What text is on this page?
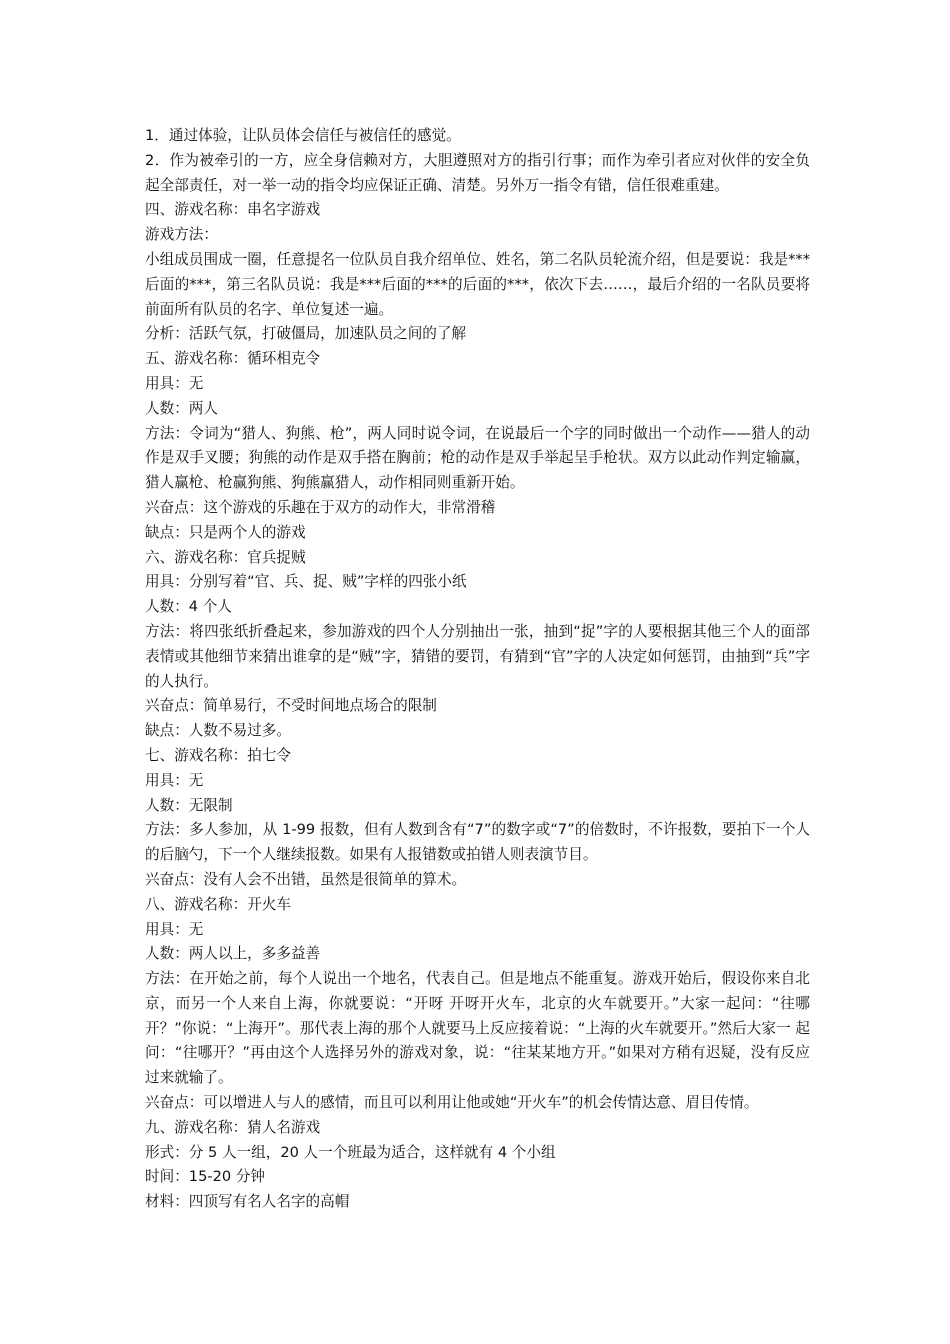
1．通过体验，让队员体会信任与被信任的感觉。

2．作为被牵引的一方，应全身信赖对方，大胆遵照对方的指引行事；而作为牵引者应对伙伴的安全负起全部责任，对一举一动的指令均应保证正确、清楚。另外万一指令有错，信任很难重建。

四、游戏名称：串名字游戏

游戏方法：

小组成员围成一圈，任意提名一位队员自我介绍单位、姓名，第二名队员轮流介绍，但是要说：我是***后面的***，第三名队员说：我是***后面的***的后面的***，依次下去……，最后介绍的一名队员要将前面所有队员的名字、单位复述一遍。

分析：活跃气氛，打破僵局，加速队员之间的了解

五、游戏名称：循环相克令

用具：无

人数：两人

方法：令词为“猎人、狗熊、枪”，两人同时说令词，在说最后一个字的同时做出一个动作——猎人的动作是双手叉腰；狗熊的动作是双手搭在胸前；枪的动作是双手举起呈手枪状。双方以此动作判定输赢，猎人赢枪、枪赢狗熊、狗熊赢猎人，动作相同则重新开始。

兴奋点：这个游戏的乐趣在于双方的动作大，非常滑稽

缺点：只是两个人的游戏

六、游戏名称：官兵捉贼

用具：分别写着“官、兵、捉、贼”字样的四张小纸

人数：4 个人

方法：将四张纸折叠起来，参加游戏的四个人分别抽出一张，抽到“捉”字的人要根据其他三个人的面部表情或其他细节来猜出谁拿的是“贼”字，猜错的要罚，有猜到“官”字的人决定如何惩罚，由抽到“兵”字的人执行。

兴奋点：简单易行，不受时间地点场合的限制

缺点：人数不易过多。

七、游戏名称：拍七令

用具：无

人数：无限制

方法：多人参加，从 1-99 报数，但有人数到含有“7”的数字或“7”的倍数时，不许报数，要拍下一个人的后脑勺，下一个人继续报数。如果有人报错数或拍错人则表演节目。

兴奋点：没有人会不出错，虽然是很简单的算术。

八、游戏名称：开火车

用具：无

人数：两人以上，多多益善

方法：在开始之前，每个人说出一个地名，代表自己。但是地点不能重复。游戏开始后，假设你来自北京，而另一个人来自上海，你就要说：“开呀 开呀开火车，北京的火车就要开。”大家一起问：“往哪开？”你说：“上海开”。那代表上海的那个人就要马上反应接着说：“上海的火车就要开。”然后大家一 起问：“往哪开？”再由这个人选择另外的游戏对象，说：“往某某地方开。”如果对方稍有迟疑，没有反应过来就输了。

兴奋点：可以增进人与人的感情，而且可以利用让他或她“开火车”的机会传情达意、眉目传情。

九、游戏名称：猜人名游戏

形式：分 5 人一组，20 人一个班最为适合，这样就有 4 个小组

时间：15-20 分钟

材料：四顶写有名人名字的高帽
